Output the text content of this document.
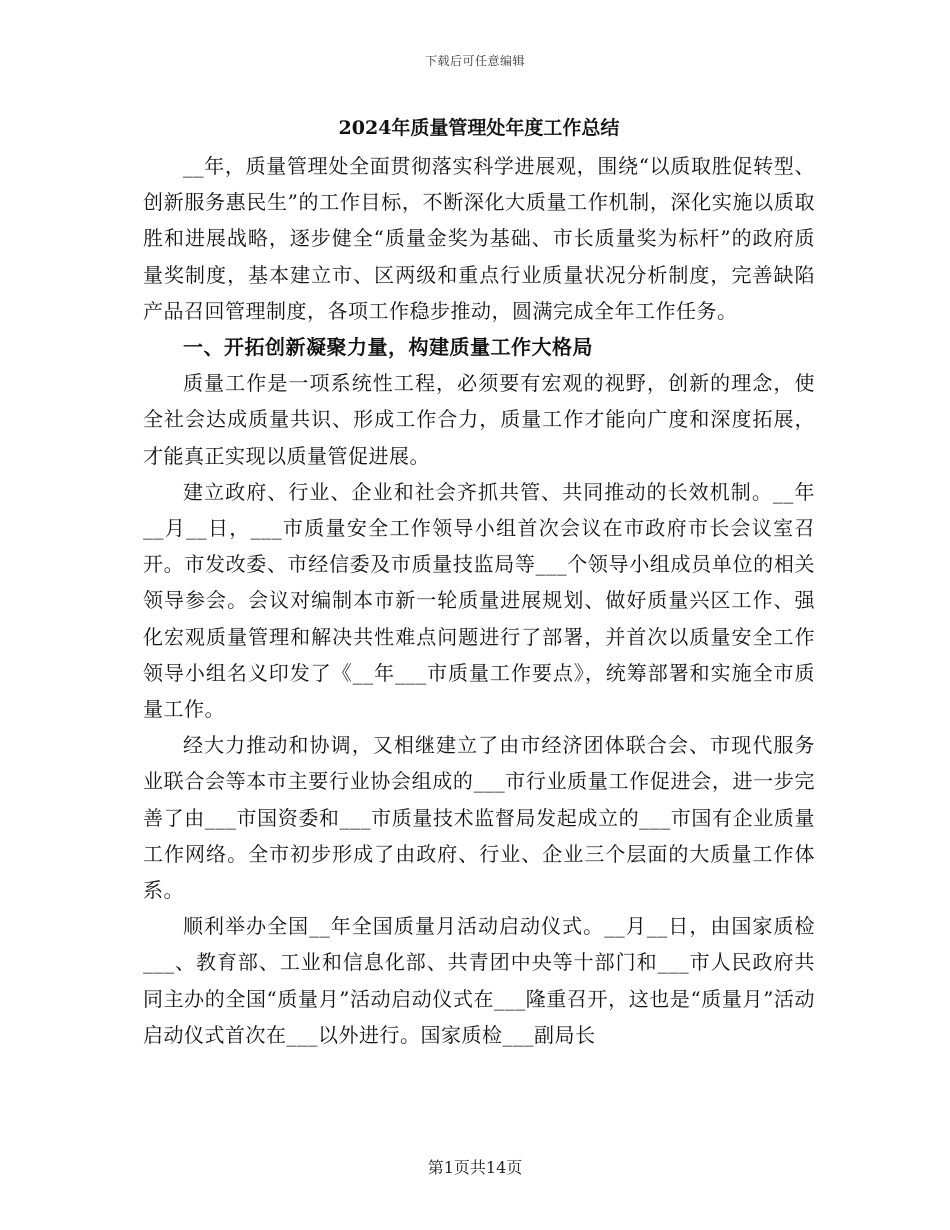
下载后可任意编辑
2024年质量管理处年度工作总结

__年，质量管理处全面贯彻落实科学进展观，围绕“以质取胜促转型、创新服务惠民生”的工作目标，不断深化大质量工作机制，深化实施以质取胜和进展战略，逐步健全“质量金奖为基础、市长质量奖为标杆”的政府质量奖制度，基本建立市、区两级和重点行业质量状况分析制度，完善缺陷产品召回管理制度，各项工作稳步推动，圆满完成全年工作任务。

一、开拓创新凝聚力量，构建质量工作大格局

质量工作是一项系统性工程，必须要有宏观的视野，创新的理念，使全社会达成质量共识、形成工作合力，质量工作才能向广度和深度拓展，才能真正实现以质量管促进展。

建立政府、行业、企业和社会齐抓共管、共同推动的长效机制。__年__月__日，___市质量安全工作领导小组首次会议在市政府市长会议室召开。市发改委、市经信委及市质量技监局等___个领导小组成员单位的相关领导参会。会议对编制本市新一轮质量进展规划、做好质量兴区工作、强化宏观质量管理和解决共性难点问题进行了部署，并首次以质量安全工作领导小组名义印发了《__年___市质量工作要点》，统筹部署和实施全市质量工作。

经大力推动和协调，又相继建立了由市经济团体联合会、市现代服务业联合会等本市主要行业协会组成的___市行业质量工作促进会，进一步完善了由___市国资委和___市质量技术监督局发起成立的___市国有企业质量工作网络。全市初步形成了由政府、行业、企业三个层面的大质量工作体系。

顺利举办全国__年全国质量月活动启动仪式。__月__日，由国家质检___、教育部、工业和信息化部、共青团中央等十部门和___市人民政府共同主办的全国“质量月”活动启动仪式在___隆重召开，这也是“质量月”活动启动仪式首次在___以外进行。国家质检___副局长

第1页共14页
